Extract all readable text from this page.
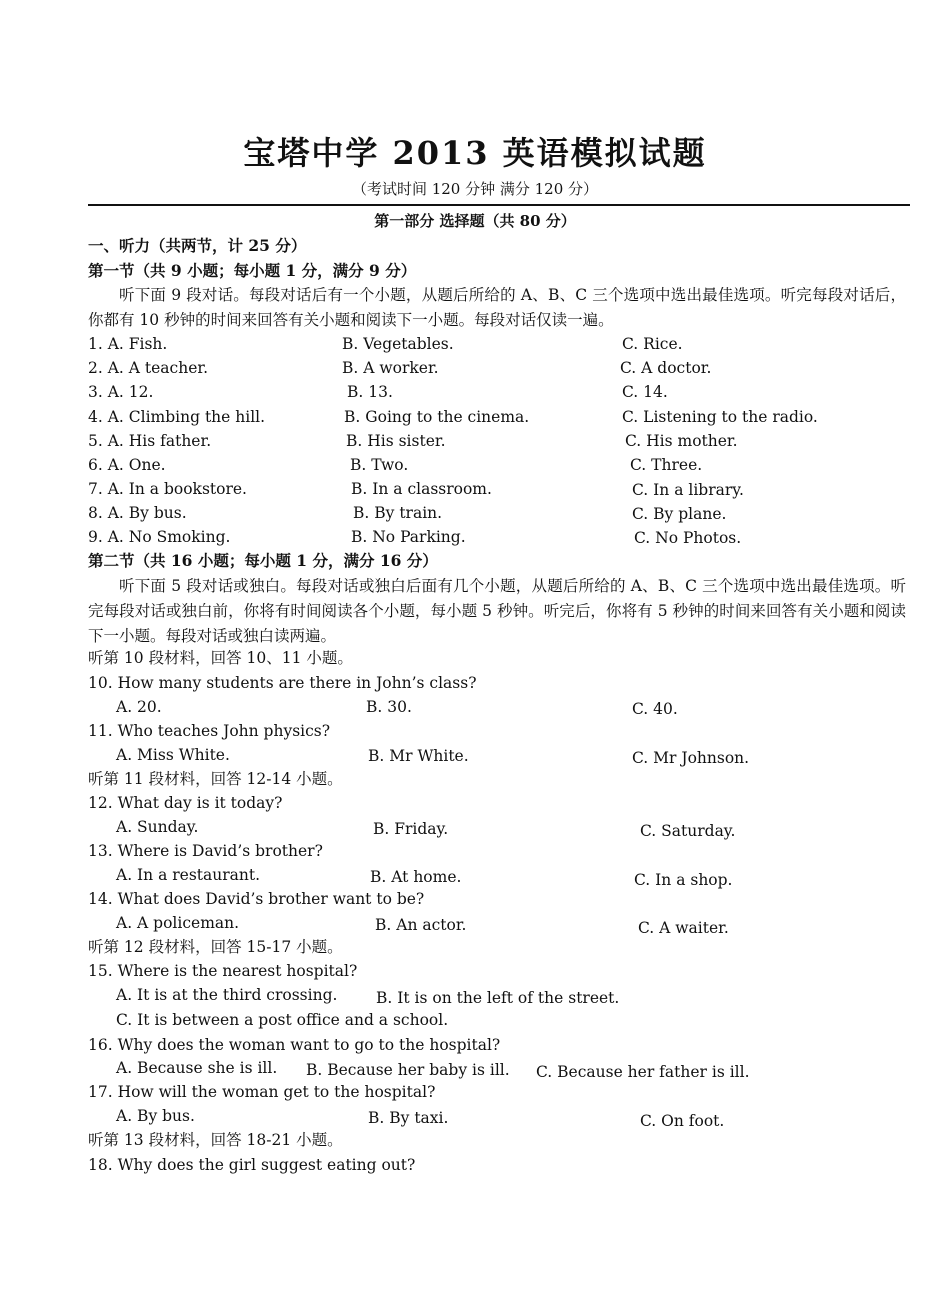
宝塔中学 2013 英语模拟试题
（考试时间 120 分钟 满分 120 分）
第一部分 选择题（共 80 分）
一、听力（共两节，计 25 分）
第一节（共 9 小题；每小题 1 分，满分 9 分）
听下面 9 段对话。每段对话后有一个小题，从题后所给的 A、B、C 三个选项中选出最佳选项。听完每段对话后，你都有 10 秒钟的时间来回答有关小题和阅读下一小题。每段对话仅读一遍。
1. A. Fish.	B. Vegetables.	C. Rice.
2. A. A teacher.	B. A worker.	C. A doctor.
3. A. 12.	B. 13.	C. 14.
4. A. Climbing the hill.	B. Going to the cinema.	C. Listening to the radio.
5. A. His father.	B. His sister.	C. His mother.
6. A. One.	B. Two.	C. Three.
7. A. In a bookstore.	B. In a classroom.	C. In a library.
8. A. By bus.	B. By train.	C. By plane.
9. A. No Smoking.	B. No Parking.	C. No Photos.
第二节（共 16 小题；每小题 1 分，满分 16 分）
听下面 5 段对话或独白。每段对话或独白后面有几个小题，从题后所给的 A、B、C 三个选项中选出最佳选项。听完每段对话或独白前，你将有时间阅读各个小题，每小题 5 秒钟。听完后，你将有 5 秒钟的时间来回答有关小题和阅读下一小题。每段对话或独白读两遍。
听第 10 段材料，回答 10、11 小题。
10. How many students are there in John’s class?
A. 20.	B. 30.	C. 40.
11. Who teaches John physics?
A. Miss White.	B. Mr White.	C. Mr Johnson.
听第 11 段材料，回答 12-14 小题。
12. What day is it today?
A. Sunday.	B. Friday.	C. Saturday.
13. Where is David’s brother?
A. In a restaurant.	B. At home.	C. In a shop.
14. What does David’s brother want to be?
A. A policeman.	B. An actor.	C. A waiter.
听第 12 段材料，回答 15-17 小题。
15. Where is the nearest hospital?
A. It is at the third crossing. B. It is on the left of the street.
C. It is between a post office and a school.
16. Why does the woman want to go to the hospital?
A. Because she is ill. B. Because her baby is ill. C. Because her father is ill.
17. How will the woman get to the hospital?
A. By bus.	B. By taxi.	C. On foot.
听第 13 段材料，回答 18-21 小题。
18. Why does the girl suggest eating out?
